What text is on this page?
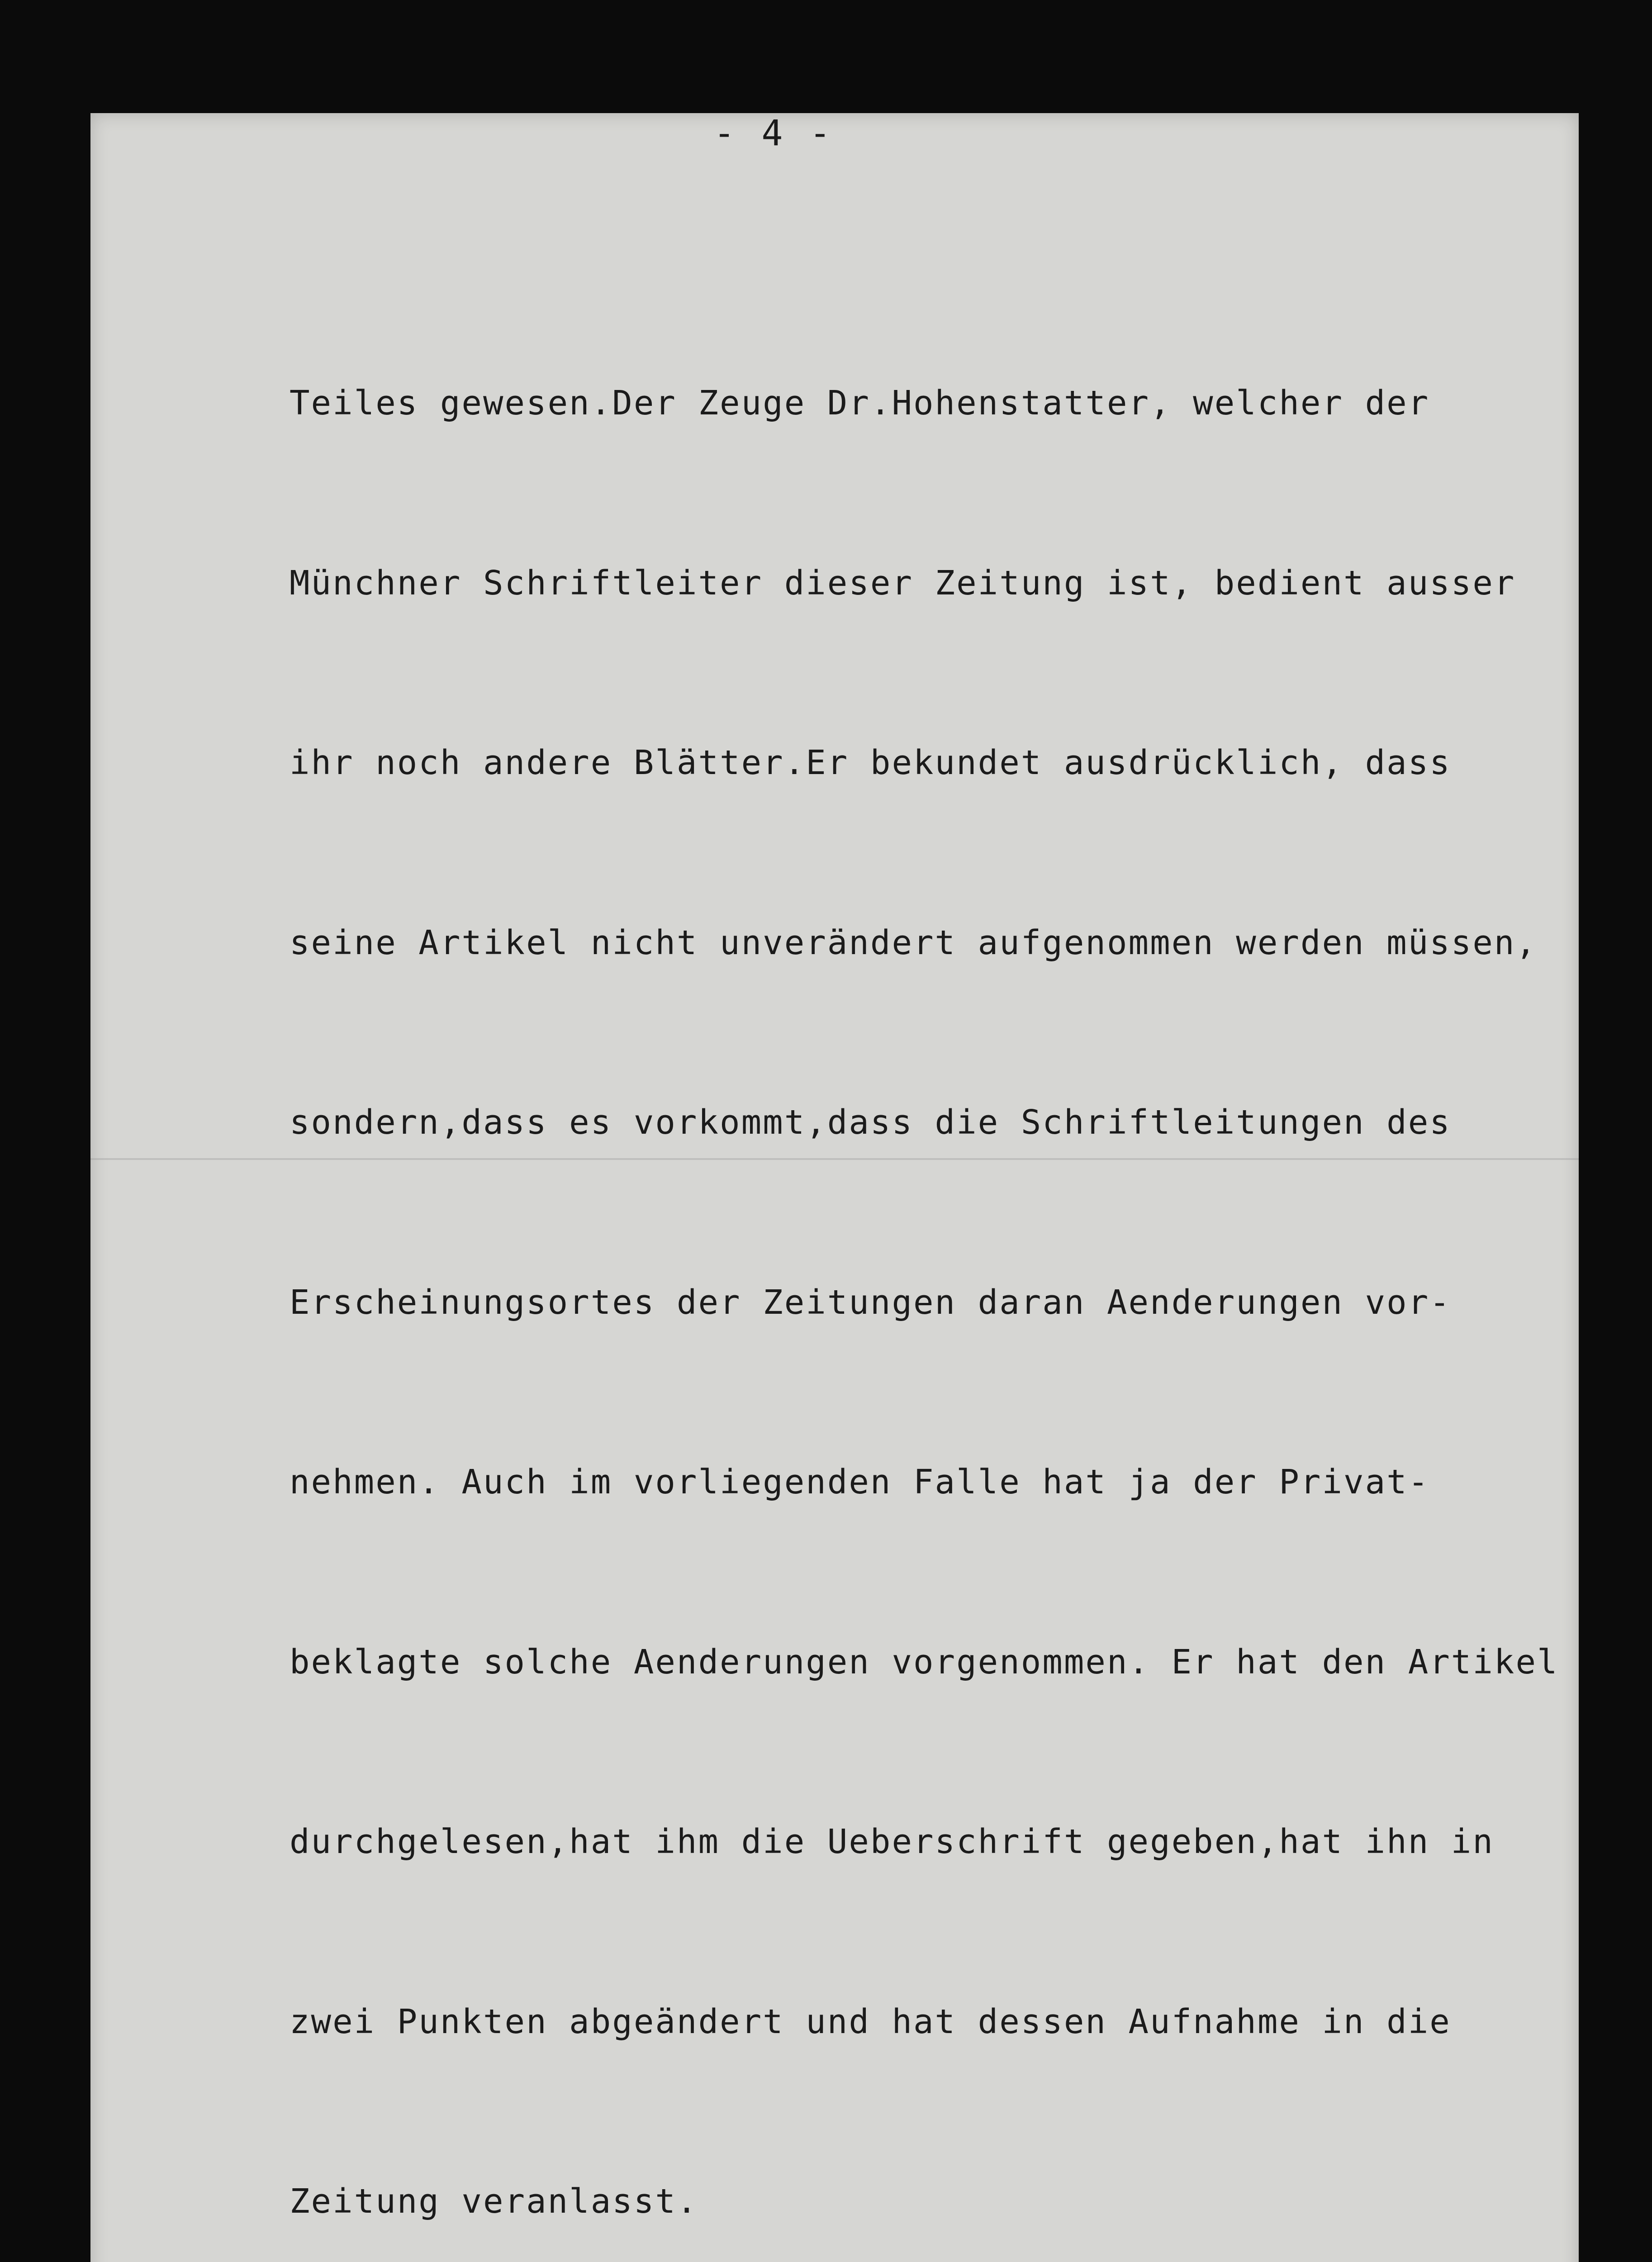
- 4 -

Teiles gewesen.Der Zeuge Dr.Hohenstatter, welcher der

Münchner Schriftleiter dieser Zeitung ist, bedient ausser

ihr noch andere Blätter.Er bekundet ausdrücklich, dass

seine Artikel nicht unverändert aufgenommen werden müssen,

sondern,dass es vorkommt,dass die Schriftleitungen des

Erscheinungsortes der Zeitungen daran Aenderungen vor-

nehmen. Auch im vorliegenden Falle hat ja der Privat-

beklagte solche Aenderungen vorgenommen. Er hat den Artikel

durchgelesen,hat ihm die Ueberschrift gegeben,hat ihn in

zwei Punkten abgeändert und hat dessen Aufnahme in die

Zeitung veranlasst.
